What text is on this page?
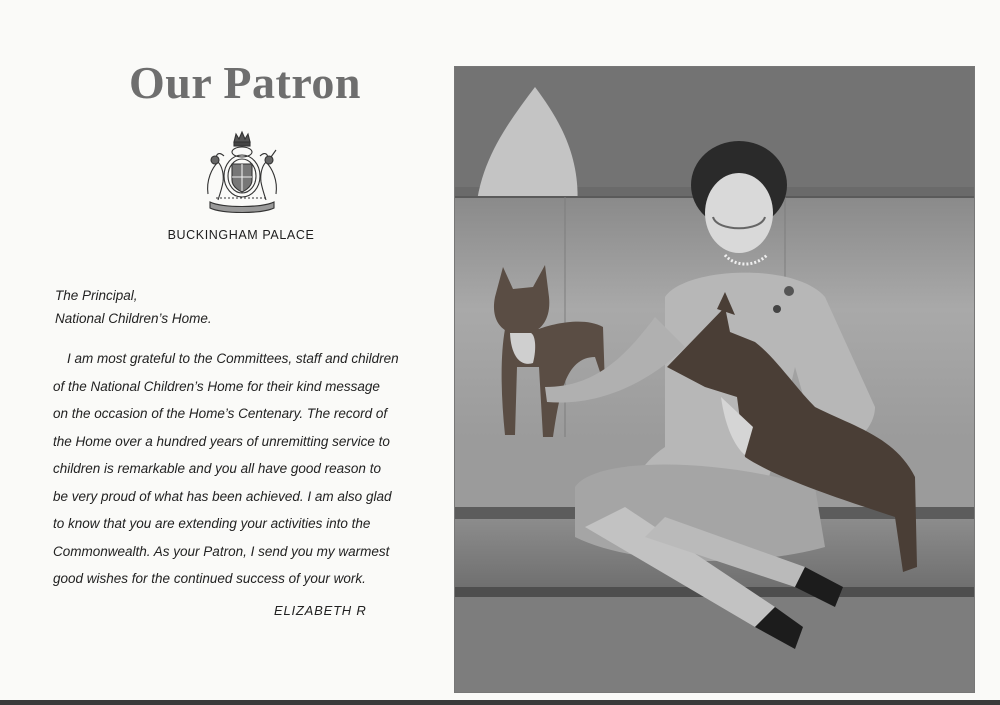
Our Patron
BUCKINGHAM PALACE
The Principal,
National Children’s Home.
I am most grateful to the Committees, staff and children
of the National Children’s Home for their kind message
on the occasion of the Home’s Centenary. The record of
the Home over a hundred years of unremitting service to
children is remarkable and you all have good reason to
be very proud of what has been achieved. I am also glad
to know that you are extending your activities into the
Commonwealth. As your Patron, I send you my warmest
good wishes for the continued success of your work.
ELIZABETH R
